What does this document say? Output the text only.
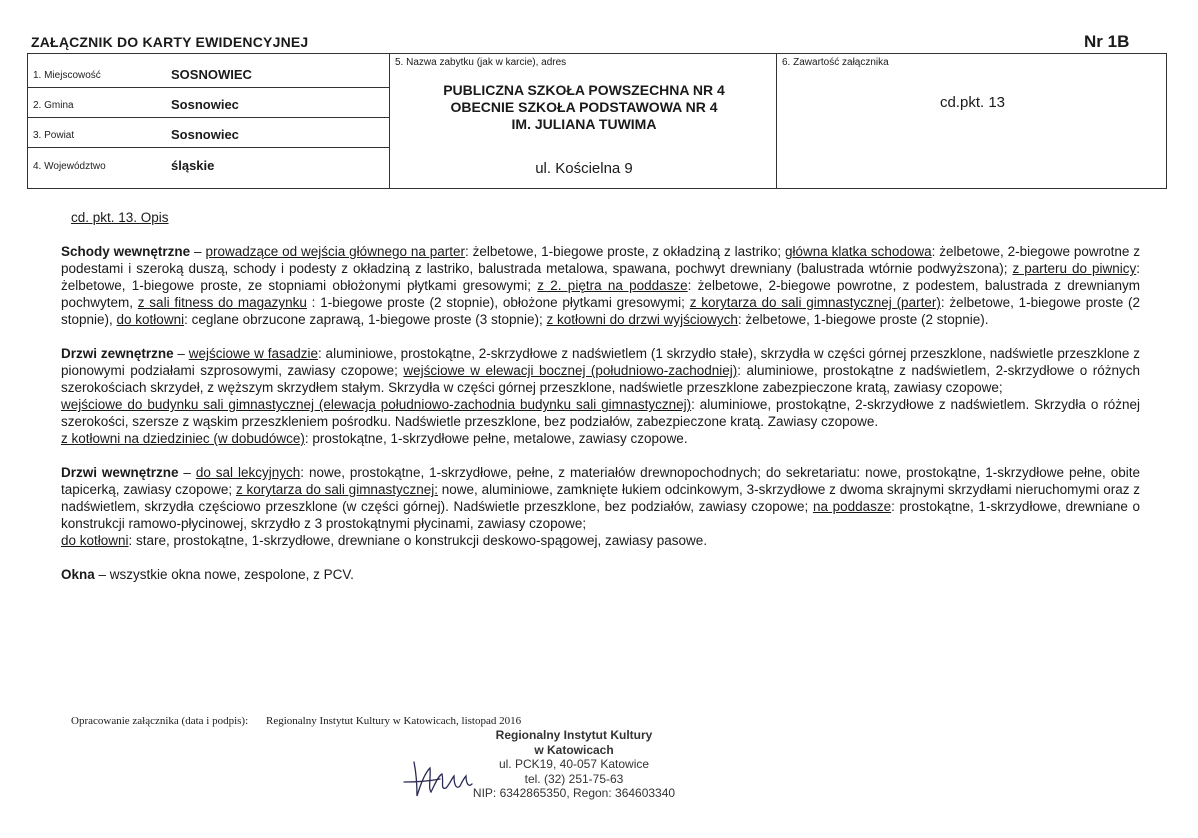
ZAŁĄCZNIK DO KARTY EWIDENCYJNEJ	Nr 1B
1. Miejscowość	SOSNOWIEC
2. Gmina	Sosnowiec
3. Powiat	Sosnowiec
4. Województwo	śląskie
5. Nazwa zabytku (jak w karcie), adres
PUBLICZNA SZKOŁA POWSZECHNA NR 4
OBECNIE SZKOŁA PODSTAWOWA NR 4
IM. JULIANA TUWIMA
ul. Kościelna 9
6. Zawartość załącznika
cd.pkt. 13

cd. pkt. 13. Opis

Schody wewnętrzne – prowadzące od wejścia głównego na parter: żelbetowe, 1-biegowe proste, z okładziną z lastriko; główna klatka schodowa: żelbetowe, 2-biegowe powrotne z podestami i szeroką duszą, schody i podesty z okładziną z lastriko, balustrada metalowa, spawana, pochwyt drewniany (balustrada wtórnie podwyższona); z parteru do piwnicy: żelbetowe, 1-biegowe proste, ze stopniami obłożonymi płytkami gresowymi; z 2. piętra na poddasze: żelbetowe, 2-biegowe powrotne, z podestem, balustrada z drewnianym pochwytem, z sali fitness do magazynku : 1-biegowe proste (2 stopnie), obłożone płytkami gresowymi; z korytarza do sali gimnastycznej (parter): żelbetowe, 1-biegowe proste (2 stopnie), do kotłowni: ceglane obrzucone zaprawą, 1-biegowe proste (3 stopnie); z kotłowni do drzwi wyjściowych: żelbetowe, 1-biegowe proste (2 stopnie).

Drzwi zewnętrzne – wejściowe w fasadzie: aluminiowe, prostokątne, 2-skrzydłowe z nadświetlem (1 skrzydło stałe), skrzydła w części górnej przeszklone, nadświetle przeszklone z pionowymi podziałami szprosowymi, zawiasy czopowe; wejściowe w elewacji bocznej (południowo-zachodniej): aluminiowe, prostokątne z nadświetlem, 2-skrzydłowe o różnych szerokościach skrzydeł, z węższym skrzydłem stałym. Skrzydła w części górnej przeszklone, nadświetle przeszklone zabezpieczone kratą, zawiasy czopowe;
wejściowe do budynku sali gimnastycznej (elewacja południowo-zachodnia budynku sali gimnastycznej): aluminiowe, prostokątne, 2-skrzydłowe z nadświetlem. Skrzydła o różnej szerokości, szersze z wąskim przeszkleniem pośrodku. Nadświetle przeszklone, bez podziałów, zabezpieczone kratą. Zawiasy czopowe.
z kotłowni na dziedziniec (w dobudówce): prostokątne, 1-skrzydłowe pełne, metalowe, zawiasy czopowe.

Drzwi wewnętrzne – do sal lekcyjnych: nowe, prostokątne, 1-skrzydłowe, pełne, z materiałów drewnopochodnych; do sekretariatu: nowe, prostokątne, 1-skrzydłowe pełne, obite tapicerką, zawiasy czopowe; z korytarza do sali gimnastycznej: nowe, aluminiowe, zamknięte łukiem odcinkowym, 3-skrzydłowe z dwoma skrajnymi skrzydłami nieruchomymi oraz z nadświetlem, skrzydła częściowo przeszklone (w części górnej). Nadświetle przeszklone, bez podziałów, zawiasy czopowe; na poddasze: prostokątne, 1-skrzydłowe, drewniane o konstrukcji ramowo-płycinowej, skrzydło z 3 prostokątnymi płycinami, zawiasy czopowe;
do kotłowni: stare, prostokątne, 1-skrzydłowe, drewniane o konstrukcji deskowo-spągowej, zawiasy pasowe.

Okna – wszystkie okna nowe, zespolone, z PCV.

Opracowanie załącznika (data i podpis): Regionalny Instytut Kultury w Katowicach, listopad 2016
Regionalny Instytut Kultury
w Katowicach
ul. PCK19, 40-057 Katowice
tel. (32) 251-75-63
NIP: 6342865350, Regon: 364603340
